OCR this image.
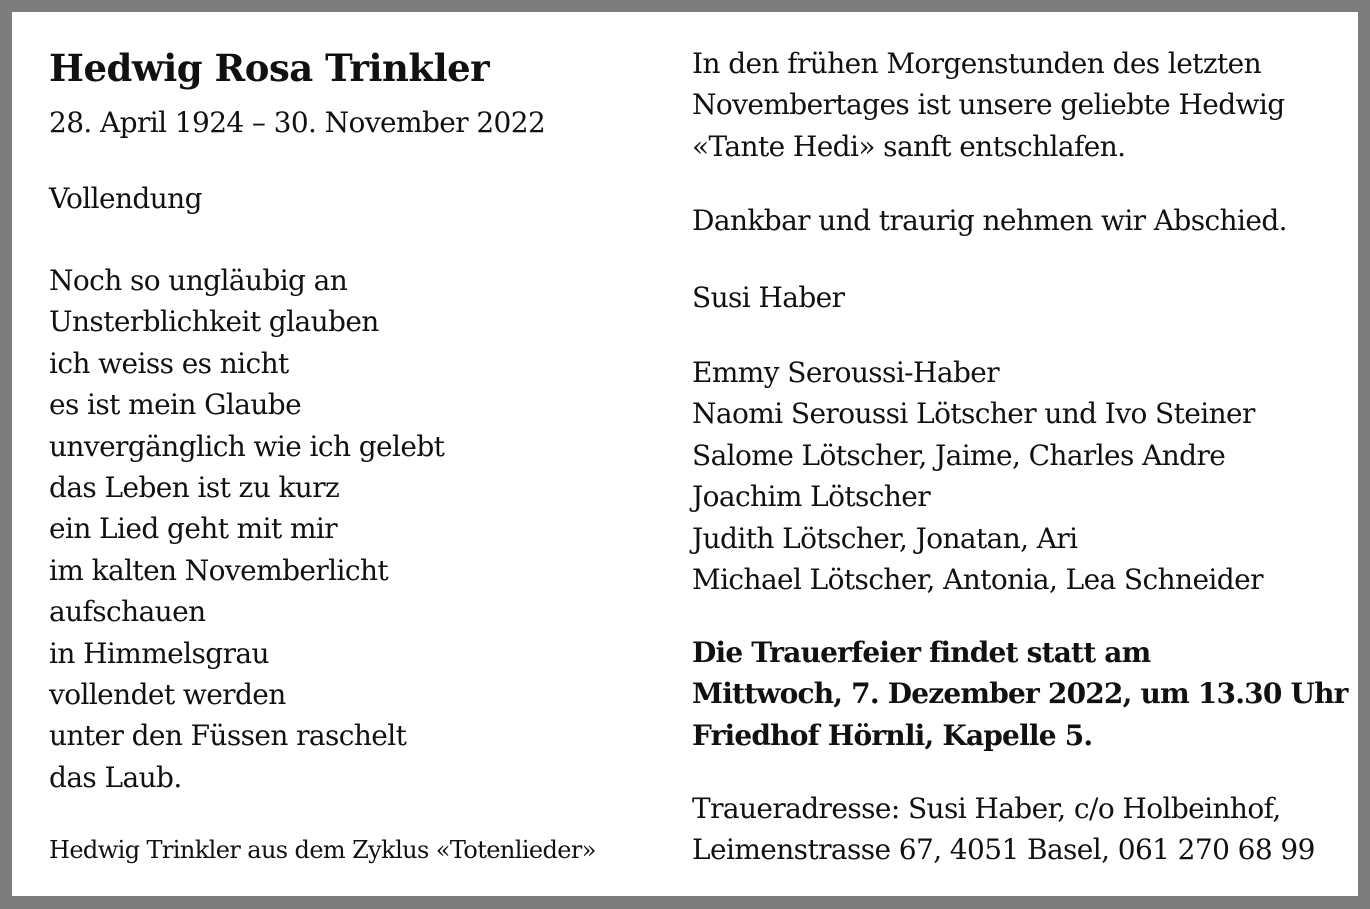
Hedwig Rosa Trinkler
28. April 1924 – 30. November 2022
Vollendung
Noch so ungläubig an
Unsterblichkeit glauben
ich weiss es nicht
es ist mein Glaube
unvergänglich wie ich gelebt
das Leben ist zu kurz
ein Lied geht mit mir
im kalten Novemberlicht
aufschauen
in Himmelsgrau
vollendet werden
unter den Füssen raschelt
das Laub.
Hedwig Trinkler aus dem Zyklus «Totenlieder»
In den frühen Morgenstunden des letzten
Novembertages ist unsere geliebte Hedwig
«Tante Hedi» sanft entschlafen.
Dankbar und traurig nehmen wir Abschied.
Susi Haber
Emmy Seroussi-Haber
Naomi Seroussi Lötscher und Ivo Steiner
Salome Lötscher, Jaime, Charles Andre
Joachim Lötscher
Judith Lötscher, Jonatan, Ari
Michael Lötscher, Antonia, Lea Schneider
Die Trauerfeier findet statt am
Mittwoch, 7. Dezember 2022, um 13.30 Uhr
Friedhof Hörnli, Kapelle 5.
Traueradresse: Susi Haber, c/o Holbeinhof,
Leimenstrasse 67, 4051 Basel, 061 270 68 99
